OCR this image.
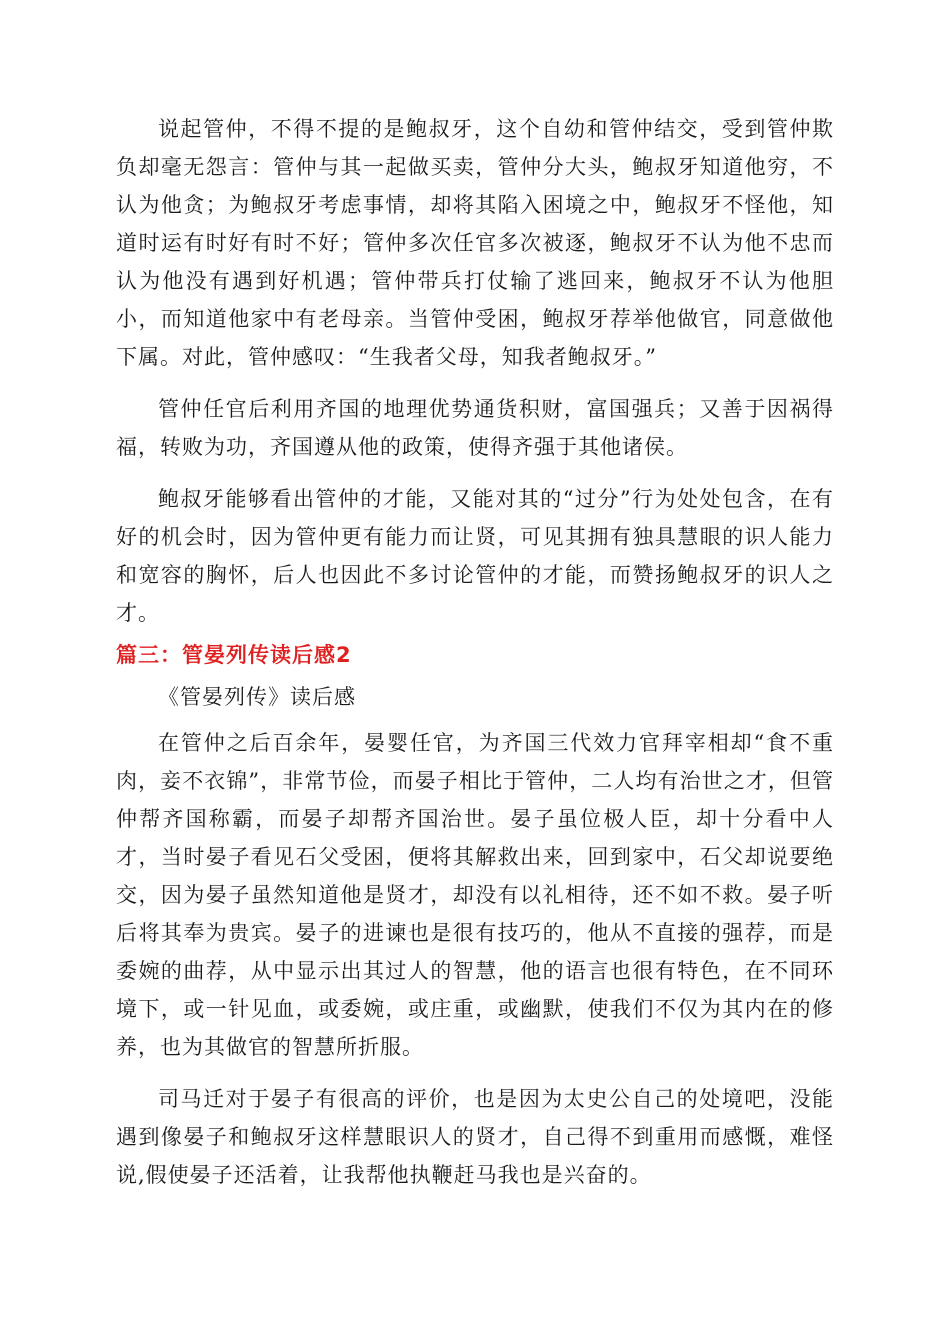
说起管仲，不得不提的是鲍叔牙，这个自幼和管仲结交，受到管仲欺负却毫无怨言：管仲与其一起做买卖，管仲分大头，鲍叔牙知道他穷，不认为他贪；为鲍叔牙考虑事情，却将其陷入困境之中，鲍叔牙不怪他，知道时运有时好有时不好；管仲多次任官多次被逐，鲍叔牙不认为他不忠而认为他没有遇到好机遇；管仲带兵打仗输了逃回来，鲍叔牙不认为他胆小，而知道他家中有老母亲。当管仲受困，鲍叔牙荐举他做官，同意做他下属。对此，管仲感叹：“生我者父母，知我者鲍叔牙。”

管仲任官后利用齐国的地理优势通货积财，富国强兵；又善于因祸得福，转败为功，齐国遵从他的政策，使得齐强于其他诸侯。

鲍叔牙能够看出管仲的才能，又能对其的“过分”行为处处包含，在有好的机会时，因为管仲更有能力而让贤，可见其拥有独具慧眼的识人能力和宽容的胸怀，后人也因此不多讨论管仲的才能，而赞扬鲍叔牙的识人之才。

篇三：管晏列传读后感2

《管晏列传》读后感

在管仲之后百余年，晏婴任官，为齐国三代效力官拜宰相却“食不重肉，妾不衣锦”，非常节俭，而晏子相比于管仲，二人均有治世之才，但管仲帮齐国称霸，而晏子却帮齐国治世。晏子虽位极人臣，却十分看中人才，当时晏子看见石父受困，便将其解救出来，回到家中，石父却说要绝交，因为晏子虽然知道他是贤才，却没有以礼相待，还不如不救。晏子听后将其奉为贵宾。晏子的进谏也是很有技巧的，他从不直接的强荐，而是委婉的曲荐，从中显示出其过人的智慧，他的语言也很有特色，在不同环境下，或一针见血，或委婉，或庄重，或幽默，使我们不仅为其内在的修养，也为其做官的智慧所折服。

司马迁对于晏子有很高的评价，也是因为太史公自己的处境吧，没能遇到像晏子和鲍叔牙这样慧眼识人的贤才，自己得不到重用而感慨，难怪说,假使晏子还活着，让我帮他执鞭赶马我也是兴奋的。
